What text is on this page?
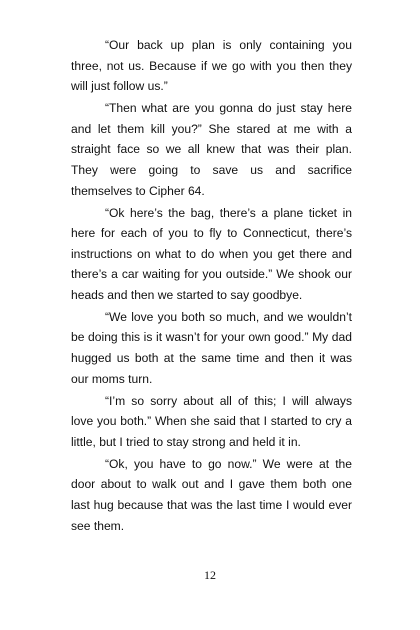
“Our back up plan is only containing you three, not us. Because if we go with you then they will just follow us.”

“Then what are you gonna do just stay here and let them kill you?” She stared at me with a straight face so we all knew that was their plan. They were going to save us and sacrifice themselves to Cipher 64.

“Ok here’s the bag, there’s a plane ticket in here for each of you to fly to Connecticut, there’s instructions on what to do when you get there and there’s a car waiting for you outside.” We shook our heads and then we started to say goodbye.

“We love you both so much, and we wouldn’t be doing this is it wasn’t for your own good.” My dad hugged us both at the same time and then it was our moms turn.

“I’m so sorry about all of this; I will always love you both.” When she said that I started to cry a little, but I tried to stay strong and held it in.

“Ok, you have to go now.” We were at the door about to walk out and I gave them both one last hug because that was the last time I would ever see them.

12
